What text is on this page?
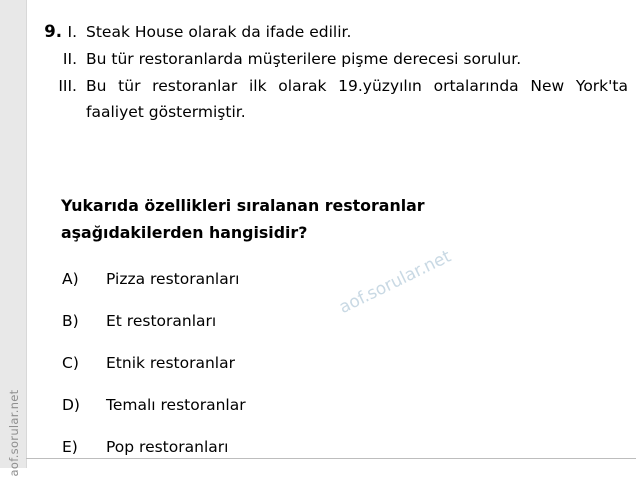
aof.sorular.net
9. I. Steak House olarak da ifade edilir.
II. Bu tür restoranlarda müşterilere pişme derecesi sorulur.
III. Bu tür restoranlar ilk olarak 19.yüzyılın ortalarında New York'ta faaliyet göstermiştir.
Yukarıda özellikleri sıralanan restoranlar
aşağıdakilerden hangisidir?
A)	Pizza restoranları
B)	Et restoranları
C)	Etnik restoranlar
D)	Temalı restoranlar
E)	Pop restoranları
aof.sorular.net
